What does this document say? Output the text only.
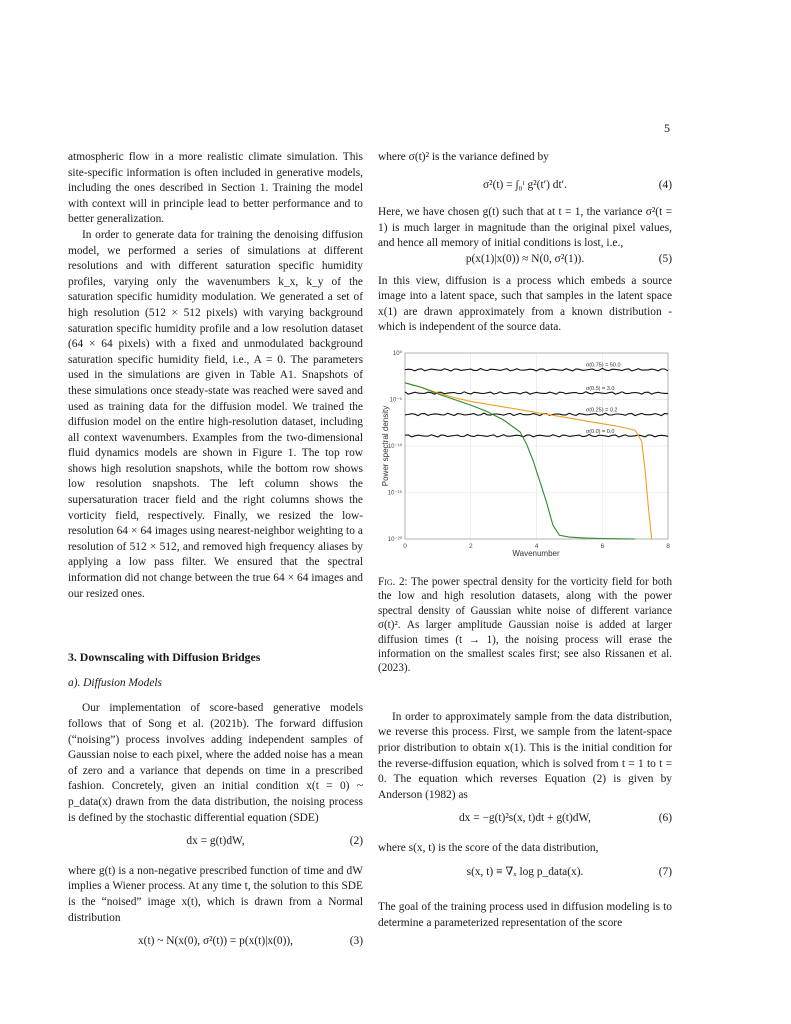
5

atmospheric flow in a more realistic climate simulation. This site-specific information is often included in generative models, including the ones described in Section 1. Training the model with context will in principle lead to better performance and to better generalization.

In order to generate data for training the denoising diffusion model, we performed a series of simulations at different resolutions and with different saturation specific humidity profiles, varying only the wavenumbers k_x, k_y of the saturation specific humidity modulation. We generated a set of high resolution (512 × 512 pixels) with varying background saturation specific humidity profile and a low resolution dataset (64 × 64 pixels) with a fixed and unmodulated background saturation specific humidity field, i.e., A = 0. The parameters used in the simulations are given in Table A1. Snapshots of these simulations once steady-state was reached were saved and used as training data for the diffusion model. We trained the diffusion model on the entire high-resolution dataset, including all context wavenumbers. Examples from the two-dimensional fluid dynamics models are shown in Figure 1. The top row shows high resolution snapshots, while the bottom row shows low resolution snapshots. The left column shows the supersaturation tracer field and the right columns shows the vorticity field, respectively. Finally, we resized the low-resolution 64 × 64 images using nearest-neighbor weighting to a resolution of 512 × 512, and removed high frequency aliases by applying a low pass filter. We ensured that the spectral information did not change between the true 64 × 64 images and our resized ones.

3. Downscaling with Diffusion Bridges

a). Diffusion Models

Our implementation of score-based generative models follows that of Song et al. (2021b). The forward diffusion (“noising”) process involves adding independent samples of Gaussian noise to each pixel, where the added noise has a mean of zero and a variance that depends on time in a prescribed fashion. Concretely, given an initial condition x(t = 0) ~ p_data(x) drawn from the data distribution, the noising process is defined by the stochastic differential equation (SDE)

dx = g(t)dW,	(2)

where g(t) is a non-negative prescribed function of time and dW implies a Wiener process. At any time t, the solution to this SDE is the “noised” image x(t), which is drawn from a Normal distribution

x(t) ~ N(x(0), σ²(t)) = p(x(t)|x(0)),	(3)

where σ(t)² is the variance defined by

σ²(t) = ∫₀ᵗ g²(t′) dt′.	(4)

Here, we have chosen g(t) such that at t = 1, the variance σ²(t = 1) is much larger in magnitude than the original pixel values, and hence all memory of initial conditions is lost, i.e.,

p(x(1)|x(0)) ≈ N(0, σ²(1)).	(5)

In this view, diffusion is a process which embeds a source image into a latent space, such that samples in the latent space x(1) are drawn approximately from a known distribution - which is independent of the source data.

0	2	4	6	8
10⁰
10⁻⁵
10⁻¹⁰
10⁻¹⁵
10⁻²⁰
σ(0.75) = 50.0
σ(0.5) = 3.0
σ(0.25) = 0.2
σ(0.0) = 0.0
Wavenumber
Power spectral density

Fig. 2: The power spectral density for the vorticity field for both the low and high resolution datasets, along with the power spectral density of Gaussian white noise of different variance σ(t)². As larger amplitude Gaussian noise is added at larger diffusion times (t → 1), the noising process will erase the information on the smallest scales first; see also Rissanen et al. (2023).

In order to approximately sample from the data distribution, we reverse this process. First, we sample from the latent-space prior distribution to obtain x(1). This is the initial condition for the reverse-diffusion equation, which is solved from t = 1 to t = 0. The equation which reverses Equation (2) is given by Anderson (1982) as

dx = −g(t)²s(x, t)dt + g(t)dW,	(6)

where s(x, t) is the score of the data distribution,

s(x, t) ≡ ∇ₓ log p_data(x).	(7)

The goal of the training process used in diffusion modeling is to determine a parameterized representation of the score
